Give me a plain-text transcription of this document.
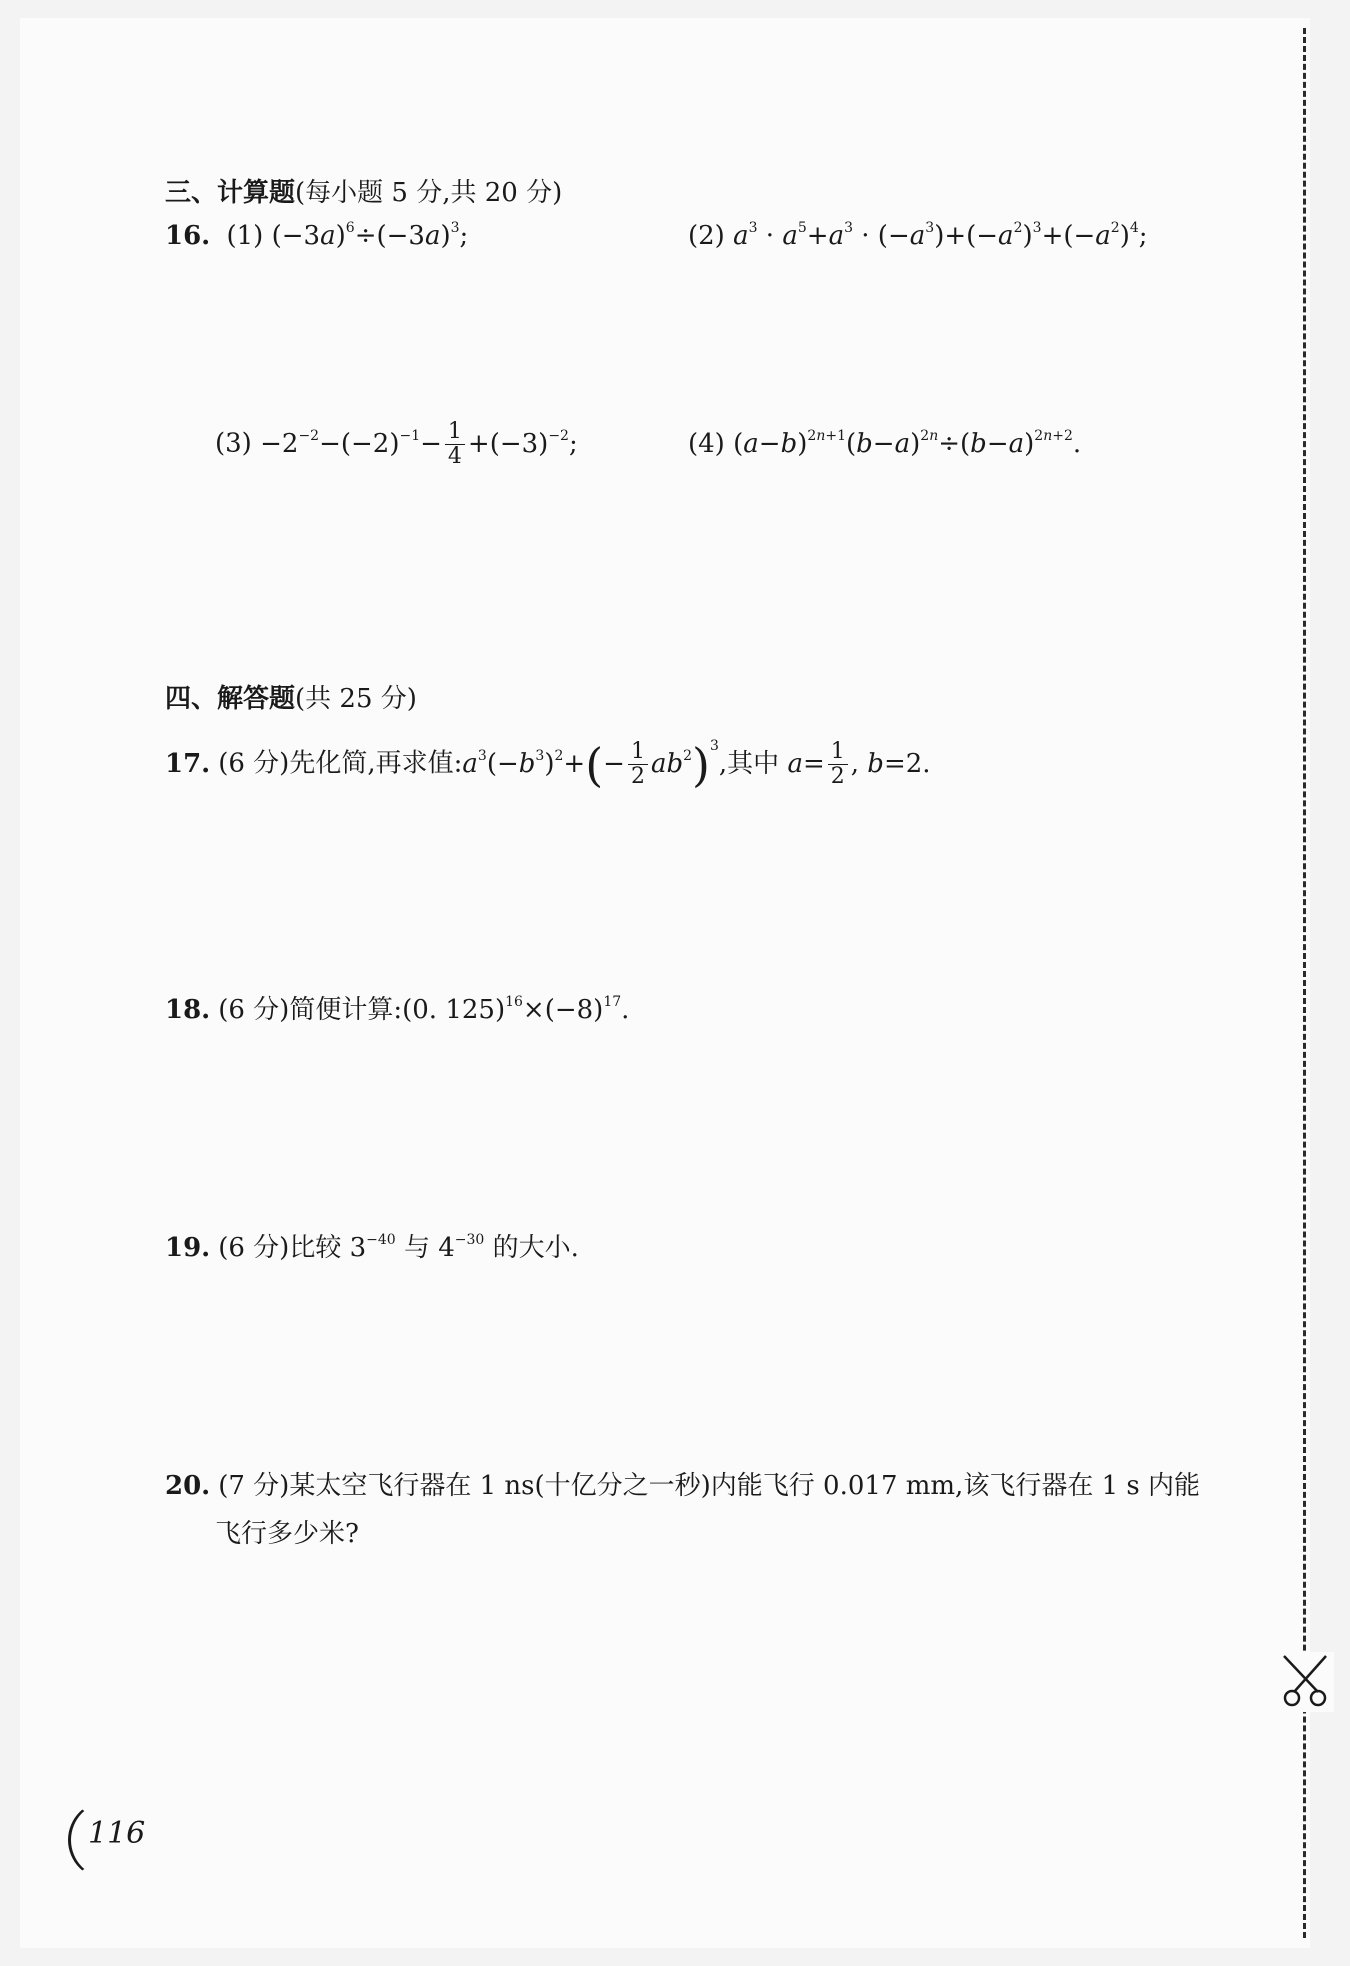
三、计算题(每小题 5 分,共 20 分)
16. (1) $(-3a)^6\div(-3a)^3$;	(2) $a^3 \cdot a^5+a^3 \cdot (-a^3)+(-a^2)^3+(-a^2)^4$;
$(3) -2^{-2}-(-2)^{-1}- \frac{1}{4} +(-3)^{-2}$;	(4) $(a-b)^{2n+1}(b-a)^{2n}\div(b-a)^{2n+2}$.
四、解答题(共 25 分)
17. (6 分)先化简,再求值$:a^3(-b^3)^2+(- \frac{1}{2} ab^2)^3$,其中 $a= \frac{1}{2}$ , b=2.
18. (6 分)简便计算:(0. $125)^{16}\times(-8)^{17}$.
19. (6 分)比较 $3^{-40}$ 与 $4^{-30}$ 的大小.
20. (7 分)某太空飞行器在 1 ns(十亿分之一秒)内能飞行 0.017 mm,该飞行器在 1 s 内能
飞行多少米?
116
